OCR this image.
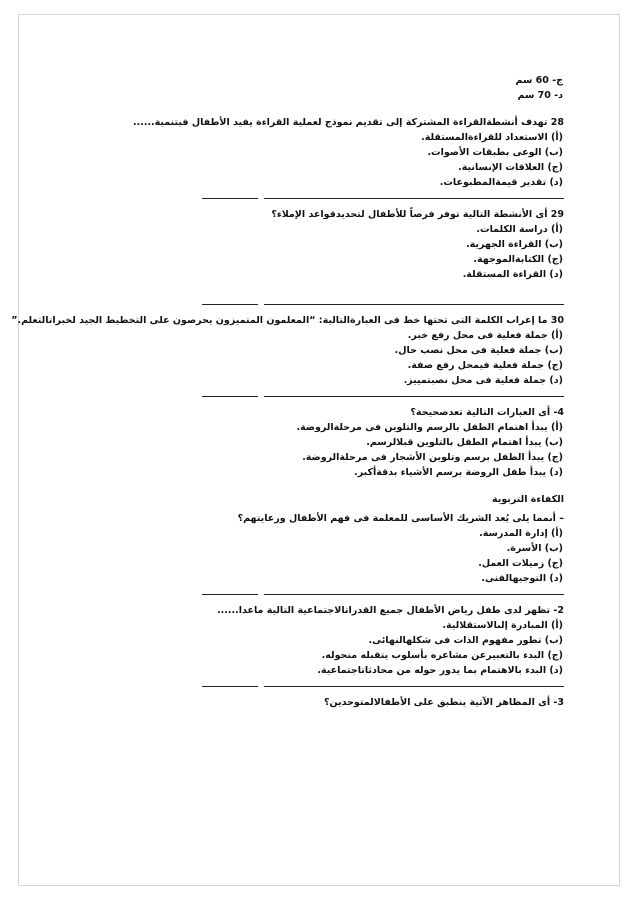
ج- 60 سم
د- 70 سم
28 تهدف أنشطةالقراءة المشتركة إلى تقديم نموذج لعملية القراءة يفيد الأطفال فيتنمية......
(أ) الاستعداد للقراءةالمستقلة.
(ب) الوعى بطبقات الأصوات.
(ج) العلاقات الإنسانية.
(د) تقدير قيمةالمطبوعات.
29 أى الأنشطة التالية توفر فرصاً للأطفال لتحديدقواعد الإملاء؟
(أ) دراسة الكلمات.
(ب) القراءة الجهرية.
(ج) الكتابةالموجهة.
(د) القراءة المستقلة.
30 ما إعراب الكلمة التى تحتها خط فى العبارةالتالية: “المعلمون المتميزون يحرصون على التخطيط الجيد لخبراتالتعلم.”
(أ) جملة فعلية فى محل رفع خبر.
(ب) جملة فعلية فى محل نصب حال.
(ج) جملة فعلية فيمحل رفع صفة.
(د) جملة فعلية فى محل نصبتمييز.
4- أى العبارات التالية تعدصحيحة؟
(أ) يبدأ اهتمام الطفل بالرسم والتلوين فى مرحلةالروضة.
(ب) يبدأ اهتمام الطفل بالتلوين قبلالرسم.
(ج) يبدأ الطفل برسم وتلوين الأشجار فى مرحلةالروضة.
(د) يبدأ طفل الروضة برسم الأشياء بدقةأكبر.
الكفاءة التربوية
– أىمما يلى يُعد الشريك الأساسى للمعلمة فى فهم الأطفال ورعايتهم؟
(أ) إدارة المدرسة.
(ب) الأسرة.
(ج) زميلات العمل.
(د) التوجيهالفنى.
2- تظهر لدى طفل رياض الأطفال جميع القدراتالاجتماعية التالية ماعدا......
(أ) المبادرة إلىالاستقلالية.
(ب) تطور مفهوم الذات فى شكلهالنهائى.
(ج) البدء بالتعبيرعن مشاعره بأسلوب يتقبله منحوله.
(د) البدء بالاهتمام بما يدور حوله من محادثاتاجتماعية.
3- أى المظاهر الآتية ينطبق على الأطفالالمتوحدين؟
